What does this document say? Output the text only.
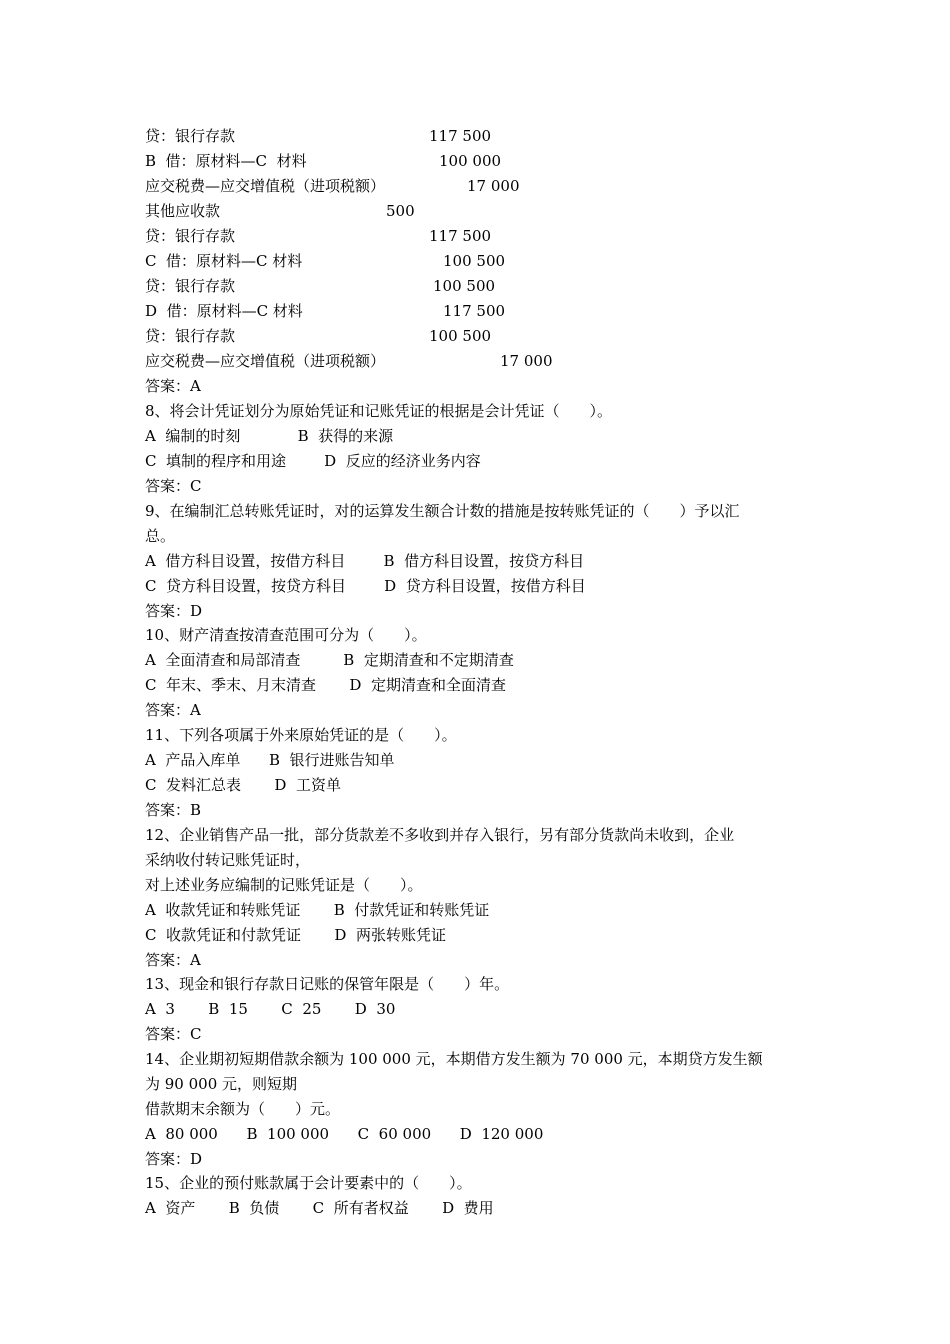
贷：银行存款	117 500
B  借：原材料—C  材料	100 000
应交税费—应交增值税（进项税额）	17 000
其他应收款	500
贷：银行存款	117 500
C  借：原材料—C 材料	100 500
贷：银行存款	100 500
D  借：原材料—C 材料	117 500
贷：银行存款	100 500
应交税费—应交增值税（进项税额）	17 000
答案：A
8、将会计凭证划分为原始凭证和记账凭证的根据是会计凭证（　　）。
A  编制的时刻            B  获得的来源
C  填制的程序和用途        D  反应的经济业务内容
答案：C
9、在编制汇总转账凭证时，对的运算发生额合计数的措施是按转账凭证的（　　）予以汇
总。
A  借方科目设置，按借方科目        B  借方科目设置，按贷方科目
C  贷方科目设置，按贷方科目        D  贷方科目设置，按借方科目
答案：D
10、财产清查按清查范围可分为（　　）。
A  全面清查和局部清查         B  定期清查和不定期清查
C  年末、季末、月末清查       D  定期清查和全面清查
答案：A
11、下列各项属于外来原始凭证的是（　　）。
A  产品入库单      B  银行进账告知单
C  发料汇总表       D  工资单
答案：B
12、企业销售产品一批，部分货款差不多收到并存入银行，另有部分货款尚未收到，企业
采纳收付转记账凭证时，
对上述业务应编制的记账凭证是（　　）。
A  收款凭证和转账凭证       B  付款凭证和转账凭证
C  收款凭证和付款凭证       D  两张转账凭证
答案：A
13、现金和银行存款日记账的保管年限是（　　）年。
A  3       B  15       C  25       D  30
答案：C
14、企业期初短期借款余额为 100 000 元，本期借方发生额为 70 000 元，本期贷方发生额
为 90 000 元，则短期
借款期末余额为（　　）元。
A  80 000      B  100 000      C  60 000      D  120 000
答案：D
15、企业的预付账款属于会计要素中的（　　）。
A  资产       B  负债       C  所有者权益       D  费用
